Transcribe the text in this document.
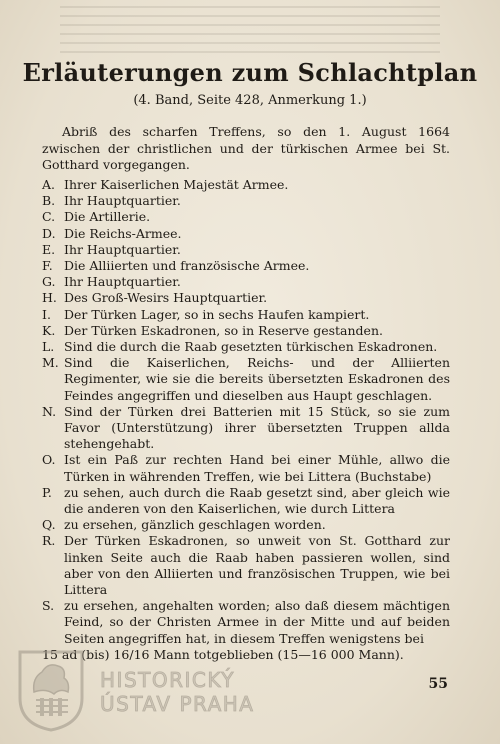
Erläuterungen zum Schlachtplan
(4. Band, Seite 428, Anmerkung 1.)
Abriß des scharfen Treffens, so den 1. August 1664 zwischen der christlichen und der türkischen Armee bei St. Gotthard vorgegangen.
A. Ihrer Kaiserlichen Majestät Armee.
B. Ihr Hauptquartier.
C. Die Artillerie.
D. Die Reichs-Armee.
E. Ihr Hauptquartier.
F. Die Alliierten und französische Armee.
G. Ihr Hauptquartier.
H. Des Groß-Wesirs Hauptquartier.
I.	Der Türken Lager, so in sechs Haufen kampiert.
K. Der Türken Eskadronen, so in Reserve gestanden.
L. Sind die durch die Raab gesetzten türkischen Eskadronen.
M. Sind die Kaiserlichen, Reichs- und der Alliierten Regimenter, wie sie die bereits übersetzten Eskadronen des Feindes angegriffen und dieselben aus Haupt geschlagen.
N. Sind der Türken drei Batterien mit 15 Stück, so sie zum Favor (Unterstützung) ihrer übersetzten Truppen allda stehengehabt.
O. Ist ein Paß zur rechten Hand bei einer Mühle, allwo die Türken in währenden Treffen, wie bei Littera (Buchstabe)
P. zu sehen, auch durch die Raab gesetzt sind, aber gleich wie die anderen von den Kaiserlichen, wie durch Littera
Q. zu ersehen, gänzlich geschlagen worden.
R. Der Türken Eskadronen, so unweit von St. Gotthard zur linken Seite auch die Raab haben passieren wollen, sind aber von den Alliierten und französischen Truppen, wie bei Littera
S. zu ersehen, angehalten worden; also daß diesem mächtigen Feind, so der Christen Armee in der Mitte und auf beiden Seiten angegriffen hat, in diesem Treffen wenigstens bei
15 ad (bis) 16/16 Mann totgeblieben (15—16 000 Mann).
55
HISTORICKÝ
ÚSTAV PRAHA
